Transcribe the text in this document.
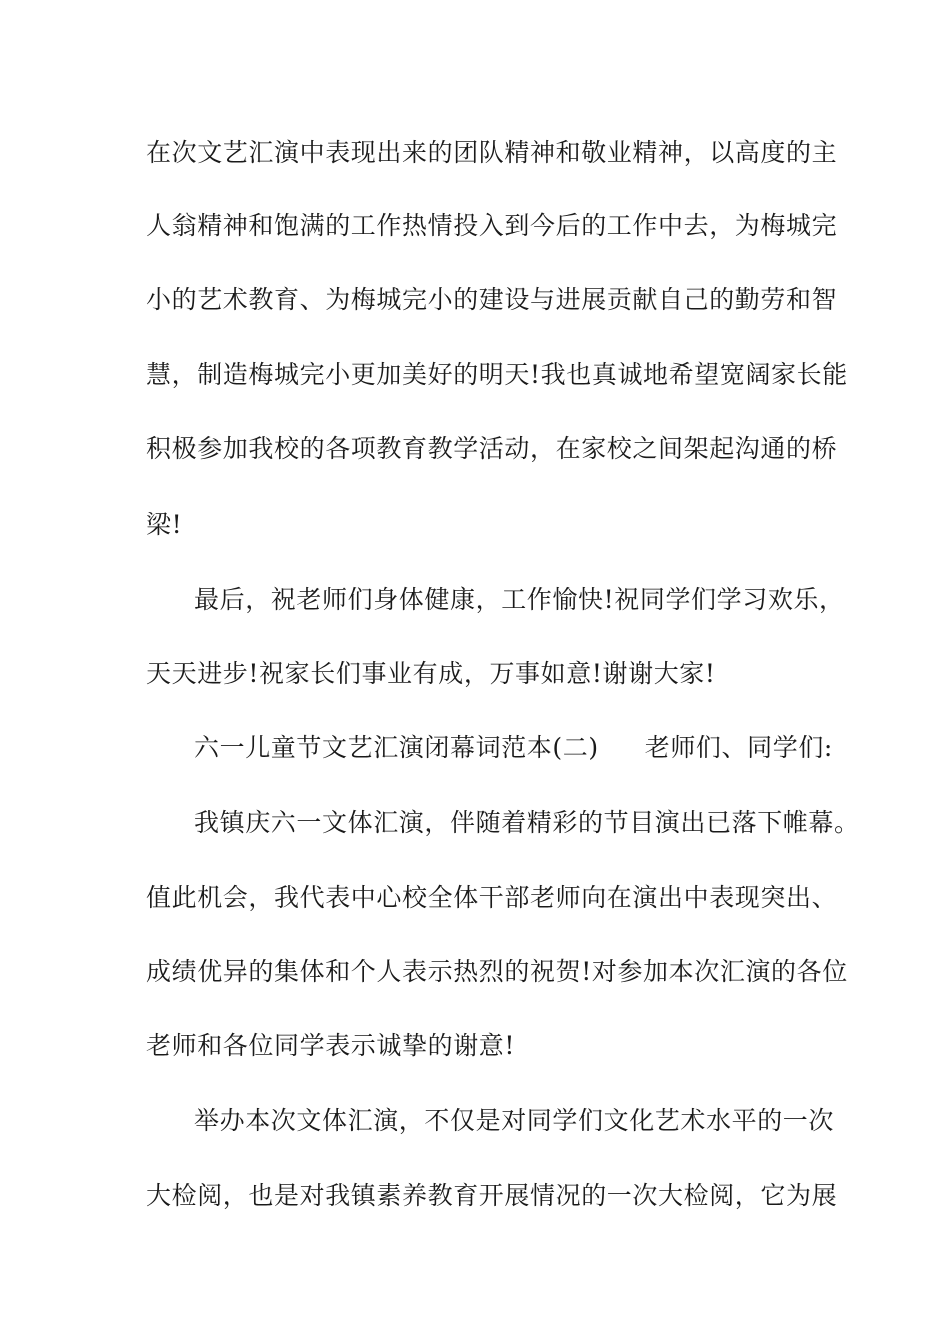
在次文艺汇演中表现出来的团队精神和敬业精神，以高度的主
人翁精神和饱满的工作热情投入到今后的工作中去，为梅城完
小的艺术教育、为梅城完小的建设与进展贡献自己的勤劳和智
慧，制造梅城完小更加美好的明天!我也真诚地希望宽阔家长能
积极参加我校的各项教育教学活动，在家校之间架起沟通的桥
梁!
最后，祝老师们身体健康，工作愉快!祝同学们学习欢乐，
天天进步!祝家长们事业有成，万事如意!谢谢大家!
六一儿童节文艺汇演闭幕词范本(二) 老师们、同学们:
我镇庆六一文体汇演，伴随着精彩的节目演出已落下帷幕。
值此机会，我代表中心校全体干部老师向在演出中表现突出、
成绩优异的集体和个人表示热烈的祝贺!对参加本次汇演的各位
老师和各位同学表示诚挚的谢意!
举办本次文体汇演，不仅是对同学们文化艺术水平的一次
大检阅，也是对我镇素养教育开展情况的一次大检阅，它为展
